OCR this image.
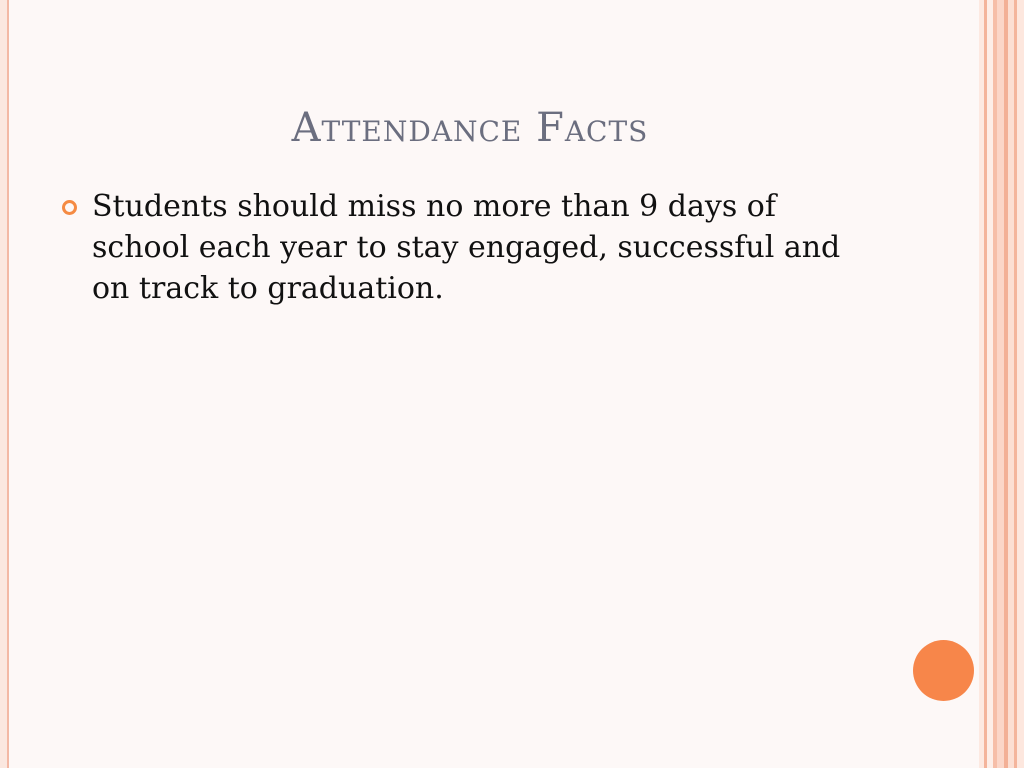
Attendance Facts
Students should miss no more than 9 days of school each year to stay engaged, successful and on track to graduation.
